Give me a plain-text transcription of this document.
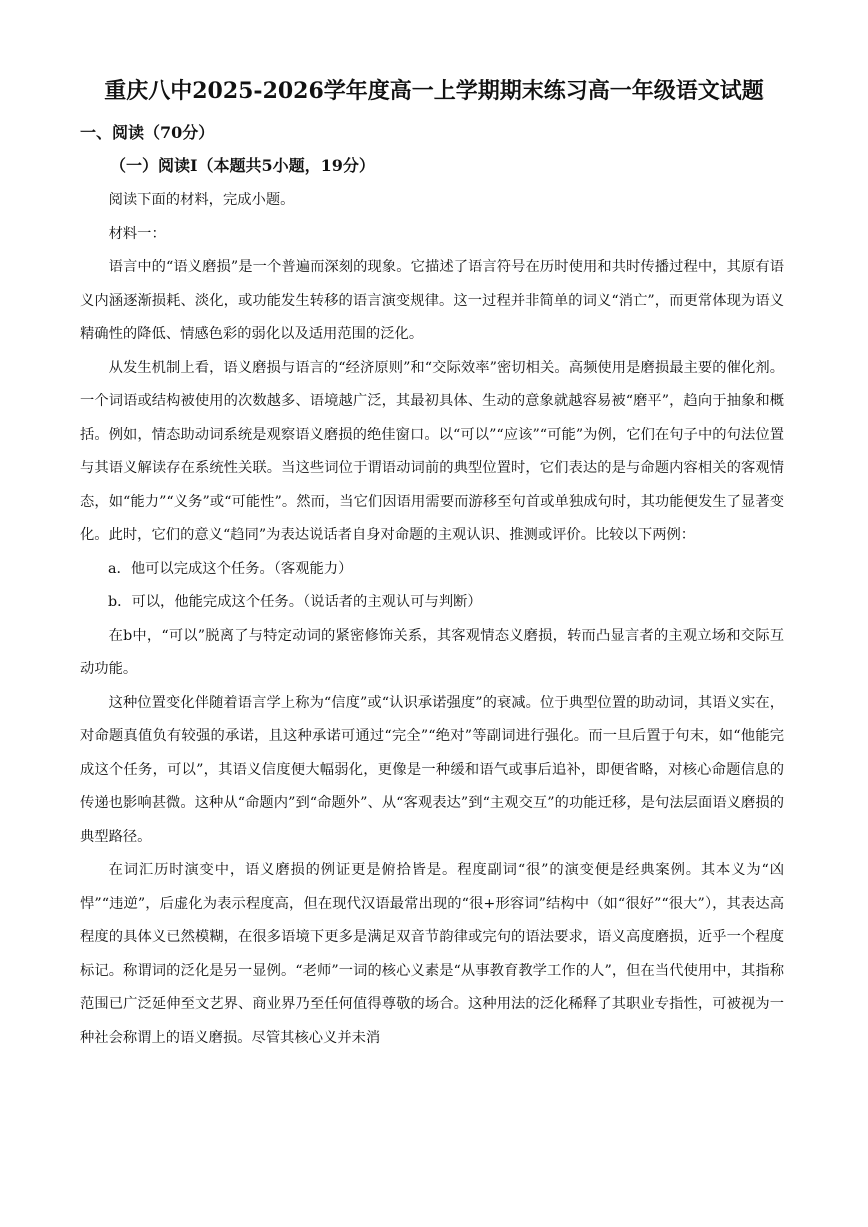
重庆八中2025-2026学年度高一上学期期末练习高一年级语文试题
一、阅读（70分）
（一）阅读Ⅰ（本题共5小题，19分）

阅读下面的材料，完成小题。

材料一：

语言中的“语义磨损”是一个普遍而深刻的现象。它描述了语言符号在历时使用和共时传播过程中，其原有语义内涵逐渐损耗、淡化，或功能发生转移的语言演变规律。这一过程并非简单的词义“消亡”，而更常体现为语义精确性的降低、情感色彩的弱化以及适用范围的泛化。

从发生机制上看，语义磨损与语言的“经济原则”和“交际效率”密切相关。高频使用是磨损最主要的催化剂。一个词语或结构被使用的次数越多、语境越广泛，其最初具体、生动的意象就越容易被“磨平”，趋向于抽象和概括。例如，情态助动词系统是观察语义磨损的绝佳窗口。以“可以”“应该”“可能”为例，它们在句子中的句法位置与其语义解读存在系统性关联。当这些词位于谓语动词前的典型位置时，它们表达的是与命题内容相关的客观情态，如“能力”“义务”或“可能性”。然而，当它们因语用需要而游移至句首或单独成句时，其功能便发生了显著变化。此时，它们的意义“趋同”为表达说话者自身对命题的主观认识、推测或评价。比较以下两例：

a．他可以完成这个任务。（客观能力）

b．可以，他能完成这个任务。（说话者的主观认可与判断）

在b中，“可以”脱离了与特定动词的紧密修饰关系，其客观情态义磨损，转而凸显言者的主观立场和交际互动功能。

这种位置变化伴随着语言学上称为“信度”或“认识承诺强度”的衰减。位于典型位置的助动词，其语义实在，对命题真值负有较强的承诺，且这种承诺可通过“完全”“绝对”等副词进行强化。而一旦后置于句末，如“他能完成这个任务，可以”，其语义信度便大幅弱化，更像是一种缓和语气或事后追补，即便省略，对核心命题信息的传递也影响甚微。这种从“命题内”到“命题外”、从“客观表达”到“主观交互”的功能迁移，是句法层面语义磨损的典型路径。

在词汇历时演变中，语义磨损的例证更是俯拾皆是。程度副词“很”的演变便是经典案例。其本义为“凶悍”“违逆”，后虚化为表示程度高，但在现代汉语最常出现的“很+形容词”结构中（如“很好”“很大”），其表达高程度的具体义已然模糊，在很多语境下更多是满足双音节韵律或完句的语法要求，语义高度磨损，近乎一个程度标记。称谓词的泛化是另一显例。“老师”一词的核心义素是“从事教育教学工作的人”，但在当代使用中，其指称范围已广泛延伸至文艺界、商业界乃至任何值得尊敬的场合。这种用法的泛化稀释了其职业专指性，可被视为一种社会称谓上的语义磨损。尽管其核心义并未消
